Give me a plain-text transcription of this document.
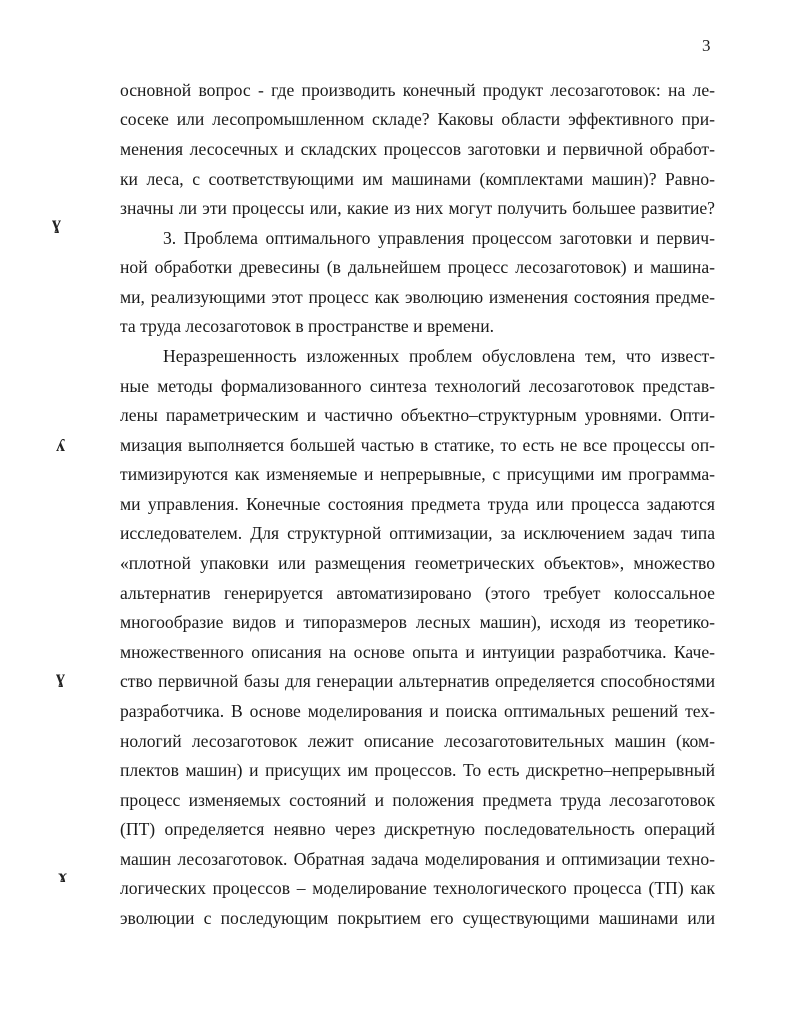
3
ɣ
ʎ
ɣ
ɤ
основной вопрос - где производить конечный продукт лесозаготовок: на ле-
сосеке или лесопромышленном складе? Каковы области эффективного при-
менения лесосечных и складских процессов заготовки и первичной обработ-
ки леса, с соответствующими им машинами (комплектами машин)? Равно-
значны ли эти процессы или, какие из них могут получить большее развитие?
3. Проблема оптимального управления процессом заготовки и первич-
ной обработки древесины (в дальнейшем процесс лесозаготовок) и машина-
ми, реализующими этот процесс как эволюцию изменения состояния предме-
та труда лесозаготовок в пространстве и времени.
Неразрешенность изложенных проблем обусловлена тем, что извест-
ные методы формализованного синтеза технологий лесозаготовок представ-
лены параметрическим и частично объектно–структурным уровнями. Опти-
мизация выполняется большей частью в статике, то есть не все процессы оп-
тимизируются как изменяемые и непрерывные, с присущими им программа-
ми управления. Конечные состояния предмета труда или процесса задаются
исследователем. Для структурной оптимизации, за исключением задач типа
«плотной упаковки или размещения геометрических объектов», множество
альтернатив генерируется автоматизировано (этого требует колоссальное
многообразие видов и типоразмеров лесных машин), исходя из теоретико-
множественного описания на основе опыта и интуиции разработчика. Каче-
ство первичной базы для генерации альтернатив определяется способностями
разработчика. В основе моделирования и поиска оптимальных решений тех-
нологий лесозаготовок лежит описание лесозаготовительных машин (ком-
плектов машин) и присущих им процессов. То есть дискретно–непрерывный
процесс изменяемых состояний и положения предмета труда лесозаготовок
(ПТ) определяется неявно через дискретную последовательность операций
машин лесозаготовок. Обратная задача моделирования и оптимизации техно-
логических процессов – моделирование технологического процесса (ТП) как
эволюции с последующим покрытием его существующими машинами или
